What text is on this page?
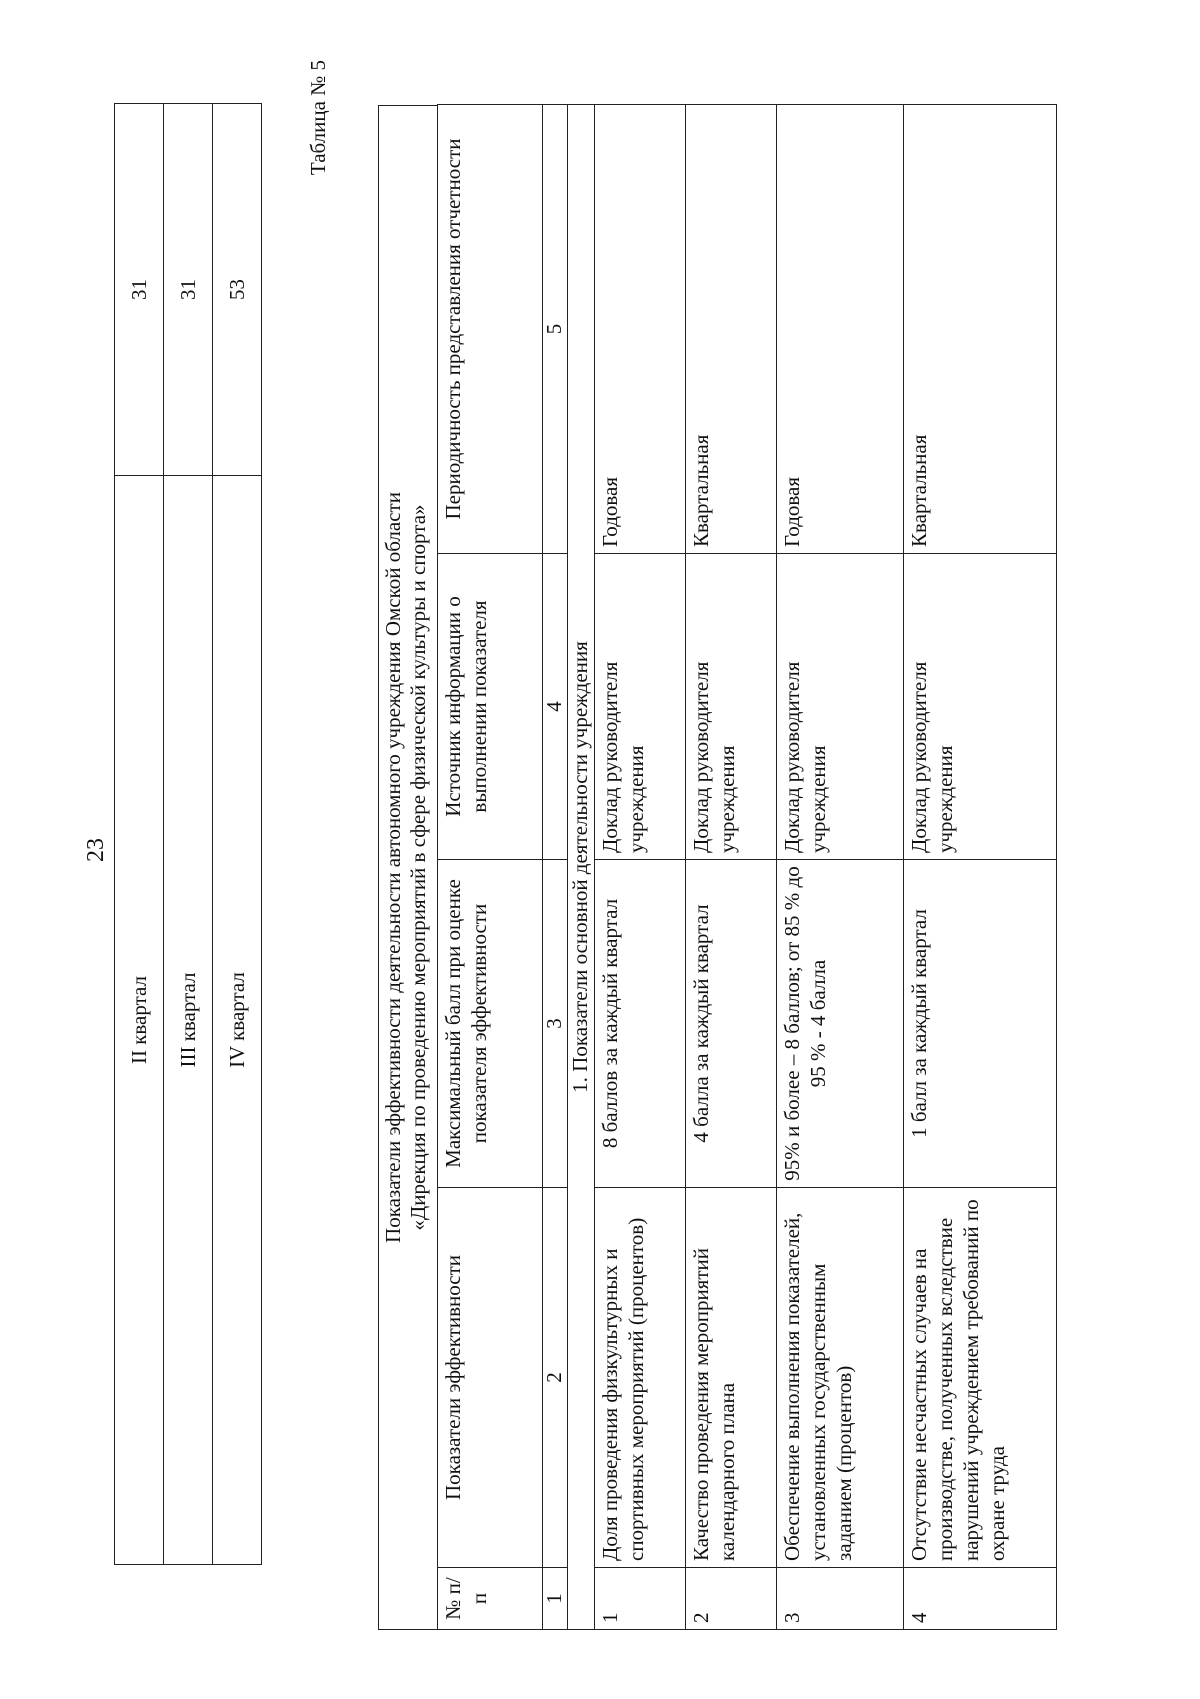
23
II квартал	31
III квартал	31
IV квартал	53
Таблица № 5
Показатели эффективности деятельности автономного учреждения Омской области «Дирекция по проведению мероприятий в сфере физической культуры и спорта»
№ п/п	Показатели эффективности	Максимальный балл при оценке показателя эффективности	Источник информации о выполнении показателя	Периодичность представления отчетности
1	2	3	4	5
1. Показатели основной деятельности учреждения				
1	Доля проведения физкультурных и спортивных мероприятий (процентов)	8 баллов за каждый квартал	Доклад руководителя учреждения	Годовая
2	Качество проведения мероприятий календарного плана	4 балла за каждый квартал	Доклад руководителя учреждения	Квартальная
3	Обеспечение выполнения показателей, установленных государственным заданием (процентов)	95% и более – 8 баллов; от 85 % до 95 % - 4 балла	Доклад руководителя учреждения	Годовая
4	Отсутствие несчастных случаев на производстве, полученных вследствие нарушений учреждением требований по охране труда	1 балл за каждый квартал	Доклад руководителя учреждения	Квартальная
